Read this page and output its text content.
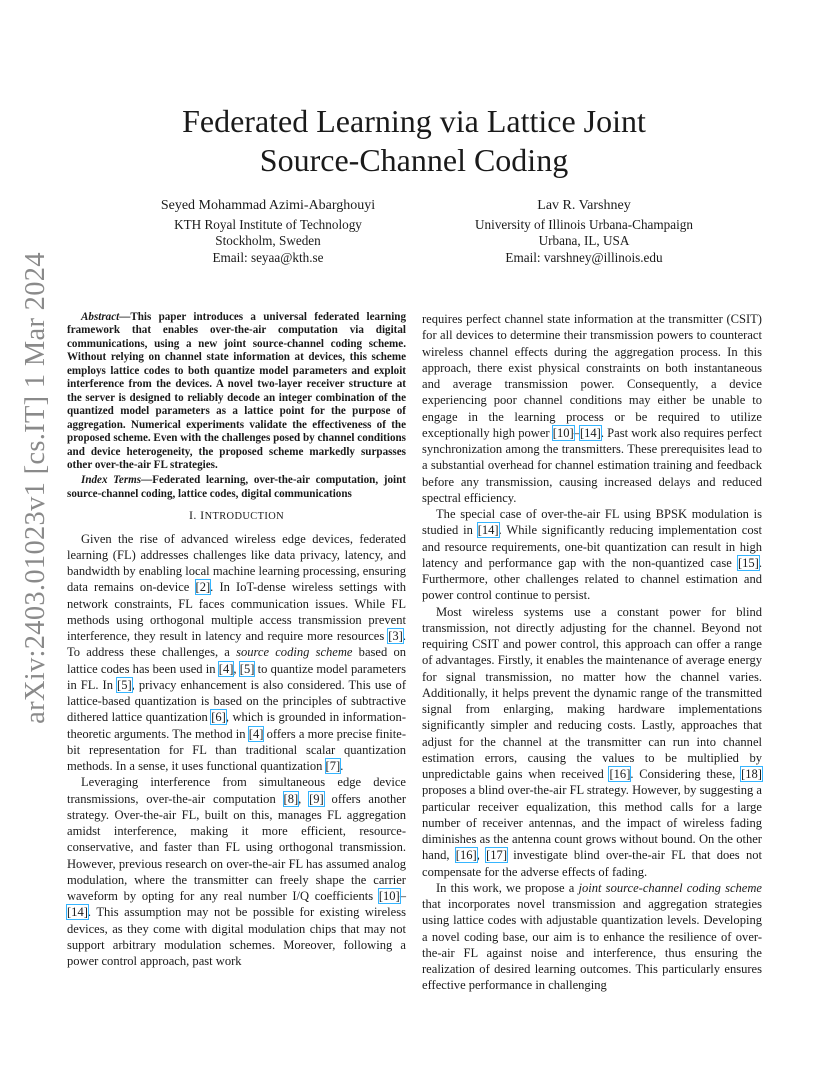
arXiv:2403.01023v1 [cs.IT] 1 Mar 2024
Federated Learning via Lattice Joint
Source-Channel Coding
Seyed Mohammad Azimi-Abarghouyi
KTH Royal Institute of Technology
Stockholm, Sweden
Email: seyaa@kth.se
Lav R. Varshney
University of Illinois Urbana-Champaign
Urbana, IL, USA
Email: varshney@illinois.edu

Abstract—This paper introduces a universal federated learning framework that enables over-the-air computation via digital communications, using a new joint source-channel coding scheme. Without relying on channel state information at devices, this scheme employs lattice codes to both quantize model parameters and exploit interference from the devices. A novel two-layer receiver structure at the server is designed to reliably decode an integer combination of the quantized model parameters as a lattice point for the purpose of aggregation. Numerical experiments validate the effectiveness of the proposed scheme. Even with the challenges posed by channel conditions and device heterogeneity, the proposed scheme markedly surpasses other over-the-air FL strategies.

Index Terms—Federated learning, over-the-air computation, joint source-channel coding, lattice codes, digital communications

I. INTRODUCTION

Given the rise of advanced wireless edge devices, federated learning (FL) addresses challenges like data privacy, latency, and bandwidth by enabling local machine learning processing, ensuring data remains on-device [2]. In IoT-dense wireless settings with network constraints, FL faces communication issues. While FL methods using orthogonal multiple access transmission prevent interference, they result in latency and require more resources [3]. To address these challenges, a source coding scheme based on lattice codes has been used in [4], [5] to quantize model parameters in FL. In [5], privacy enhancement is also considered. This use of lattice-based quantization is based on the principles of subtractive dithered lattice quantization [6], which is grounded in information-theoretic arguments. The method in [4] offers a more precise finite-bit representation for FL than traditional scalar quantization methods. In a sense, it uses functional quantization [7].

Leveraging interference from simultaneous edge device transmissions, over-the-air computation [8], [9] offers another strategy. Over-the-air FL, built on this, manages FL aggregation amidst interference, making it more efficient, resource-conservative, and faster than FL using orthogonal transmission. However, previous research on over-the-air FL has assumed analog modulation, where the transmitter can freely shape the carrier waveform by opting for any real number I/Q coefficients [10]–[14]. This assumption may not be possible for existing wireless devices, as they come with digital modulation chips that may not support arbitrary modulation schemes. Moreover, following a power control approach, past work

requires perfect channel state information at the transmitter (CSIT) for all devices to determine their transmission powers to counteract wireless channel effects during the aggregation process. In this approach, there exist physical constraints on both instantaneous and average transmission power. Consequently, a device experiencing poor channel conditions may either be unable to engage in the learning process or be required to utilize exceptionally high power [10]–[14]. Past work also requires perfect synchronization among the transmitters. These prerequisites lead to a substantial overhead for channel estimation training and feedback before any transmission, causing increased delays and reduced spectral efficiency.

The special case of over-the-air FL using BPSK modulation is studied in [14]. While significantly reducing implementation cost and resource requirements, one-bit quantization can result in high latency and performance gap with the non-quantized case [15]. Furthermore, other challenges related to channel estimation and power control continue to persist.

Most wireless systems use a constant power for blind transmission, not directly adjusting for the channel. Beyond not requiring CSIT and power control, this approach can offer a range of advantages. Firstly, it enables the maintenance of average energy for signal transmission, no matter how the channel varies. Additionally, it helps prevent the dynamic range of the transmitted signal from enlarging, making hardware implementations significantly simpler and reducing costs. Lastly, approaches that adjust for the channel at the transmitter can run into channel estimation errors, causing the values to be multiplied by unpredictable gains when received [16]. Considering these, [18] proposes a blind over-the-air FL strategy. However, by suggesting a particular receiver equalization, this method calls for a large number of receiver antennas, and the impact of wireless fading diminishes as the antenna count grows without bound. On the other hand, [16], [17] investigate blind over-the-air FL that does not compensate for the adverse effects of fading.

In this work, we propose a joint source-channel coding scheme that incorporates novel transmission and aggregation strategies using lattice codes with adjustable quantization levels. Developing a novel coding base, our aim is to enhance the resilience of over-the-air FL against noise and interference, thus ensuring the realization of desired learning outcomes. This particularly ensures effective performance in challenging
